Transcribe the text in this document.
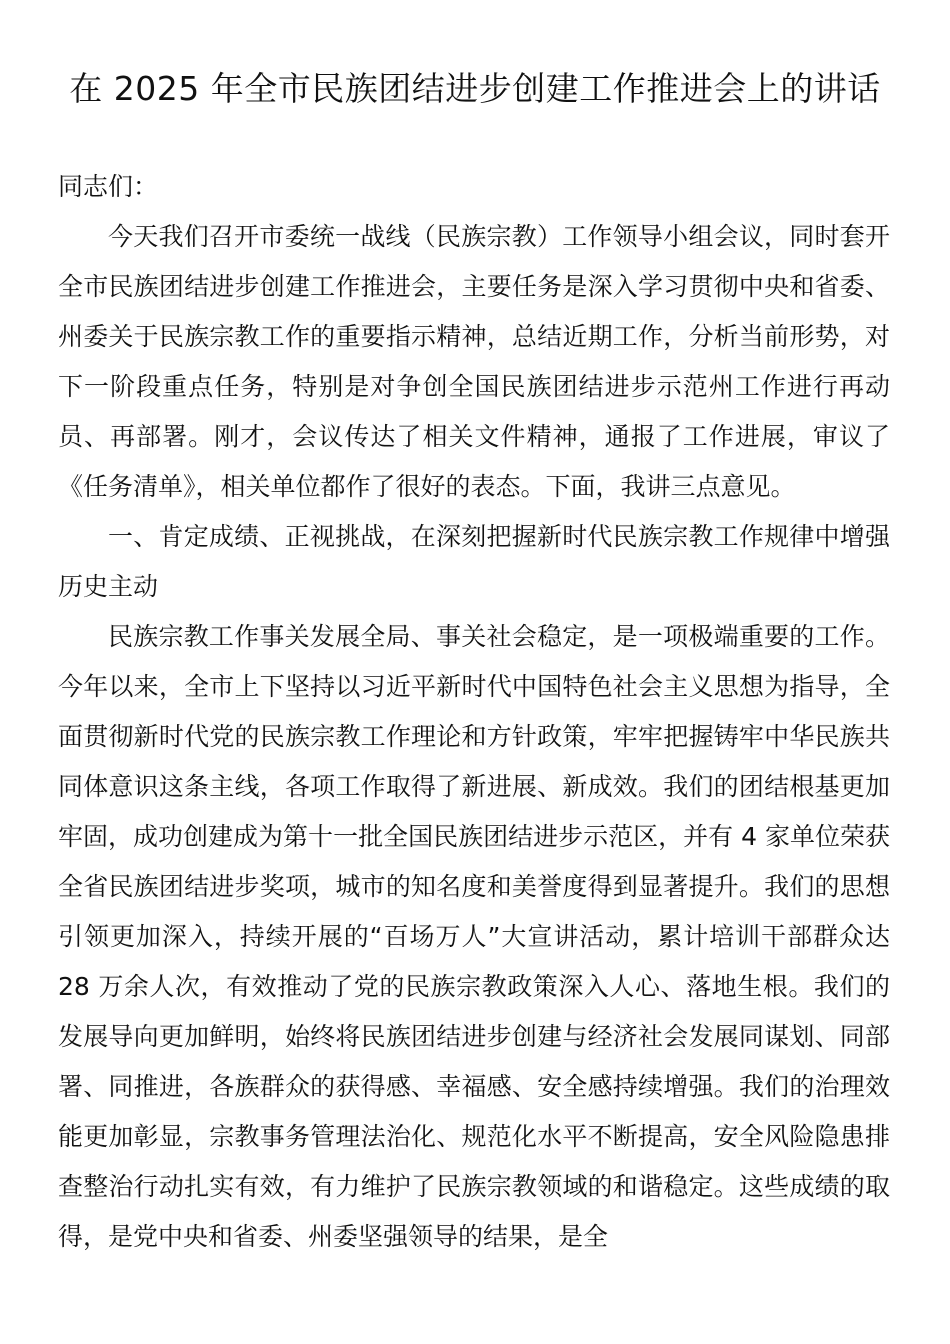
在 2025 年全市民族团结进步创建工作推进会上的讲话

同志们：

今天我们召开市委统一战线（民族宗教）工作领导小组会议，同时套开全市民族团结进步创建工作推进会，主要任务是深入学习贯彻中央和省委、州委关于民族宗教工作的重要指示精神，总结近期工作，分析当前形势，对下一阶段重点任务，特别是对争创全国民族团结进步示范州工作进行再动员、再部署。刚才，会议传达了相关文件精神，通报了工作进展，审议了《任务清单》，相关单位都作了很好的表态。下面，我讲三点意见。

一、肯定成绩、正视挑战，在深刻把握新时代民族宗教工作规律中增强历史主动

民族宗教工作事关发展全局、事关社会稳定，是一项极端重要的工作。今年以来，全市上下坚持以习近平新时代中国特色社会主义思想为指导，全面贯彻新时代党的民族宗教工作理论和方针政策，牢牢把握铸牢中华民族共同体意识这条主线，各项工作取得了新进展、新成效。我们的团结根基更加牢固，成功创建成为第十一批全国民族团结进步示范区，并有 4 家单位荣获全省民族团结进步奖项，城市的知名度和美誉度得到显著提升。我们的思想引领更加深入，持续开展的“百场万人”大宣讲活动，累计培训干部群众达 28 万余人次，有效推动了党的民族宗教政策深入人心、落地生根。我们的发展导向更加鲜明，始终将民族团结进步创建与经济社会发展同谋划、同部署、同推进，各族群众的获得感、幸福感、安全感持续增强。我们的治理效能更加彰显，宗教事务管理法治化、规范化水平不断提高，安全风险隐患排查整治行动扎实有效，有力维护了民族宗教领域的和谐稳定。这些成绩的取得，是党中央和省委、州委坚强领导的结果，是全
